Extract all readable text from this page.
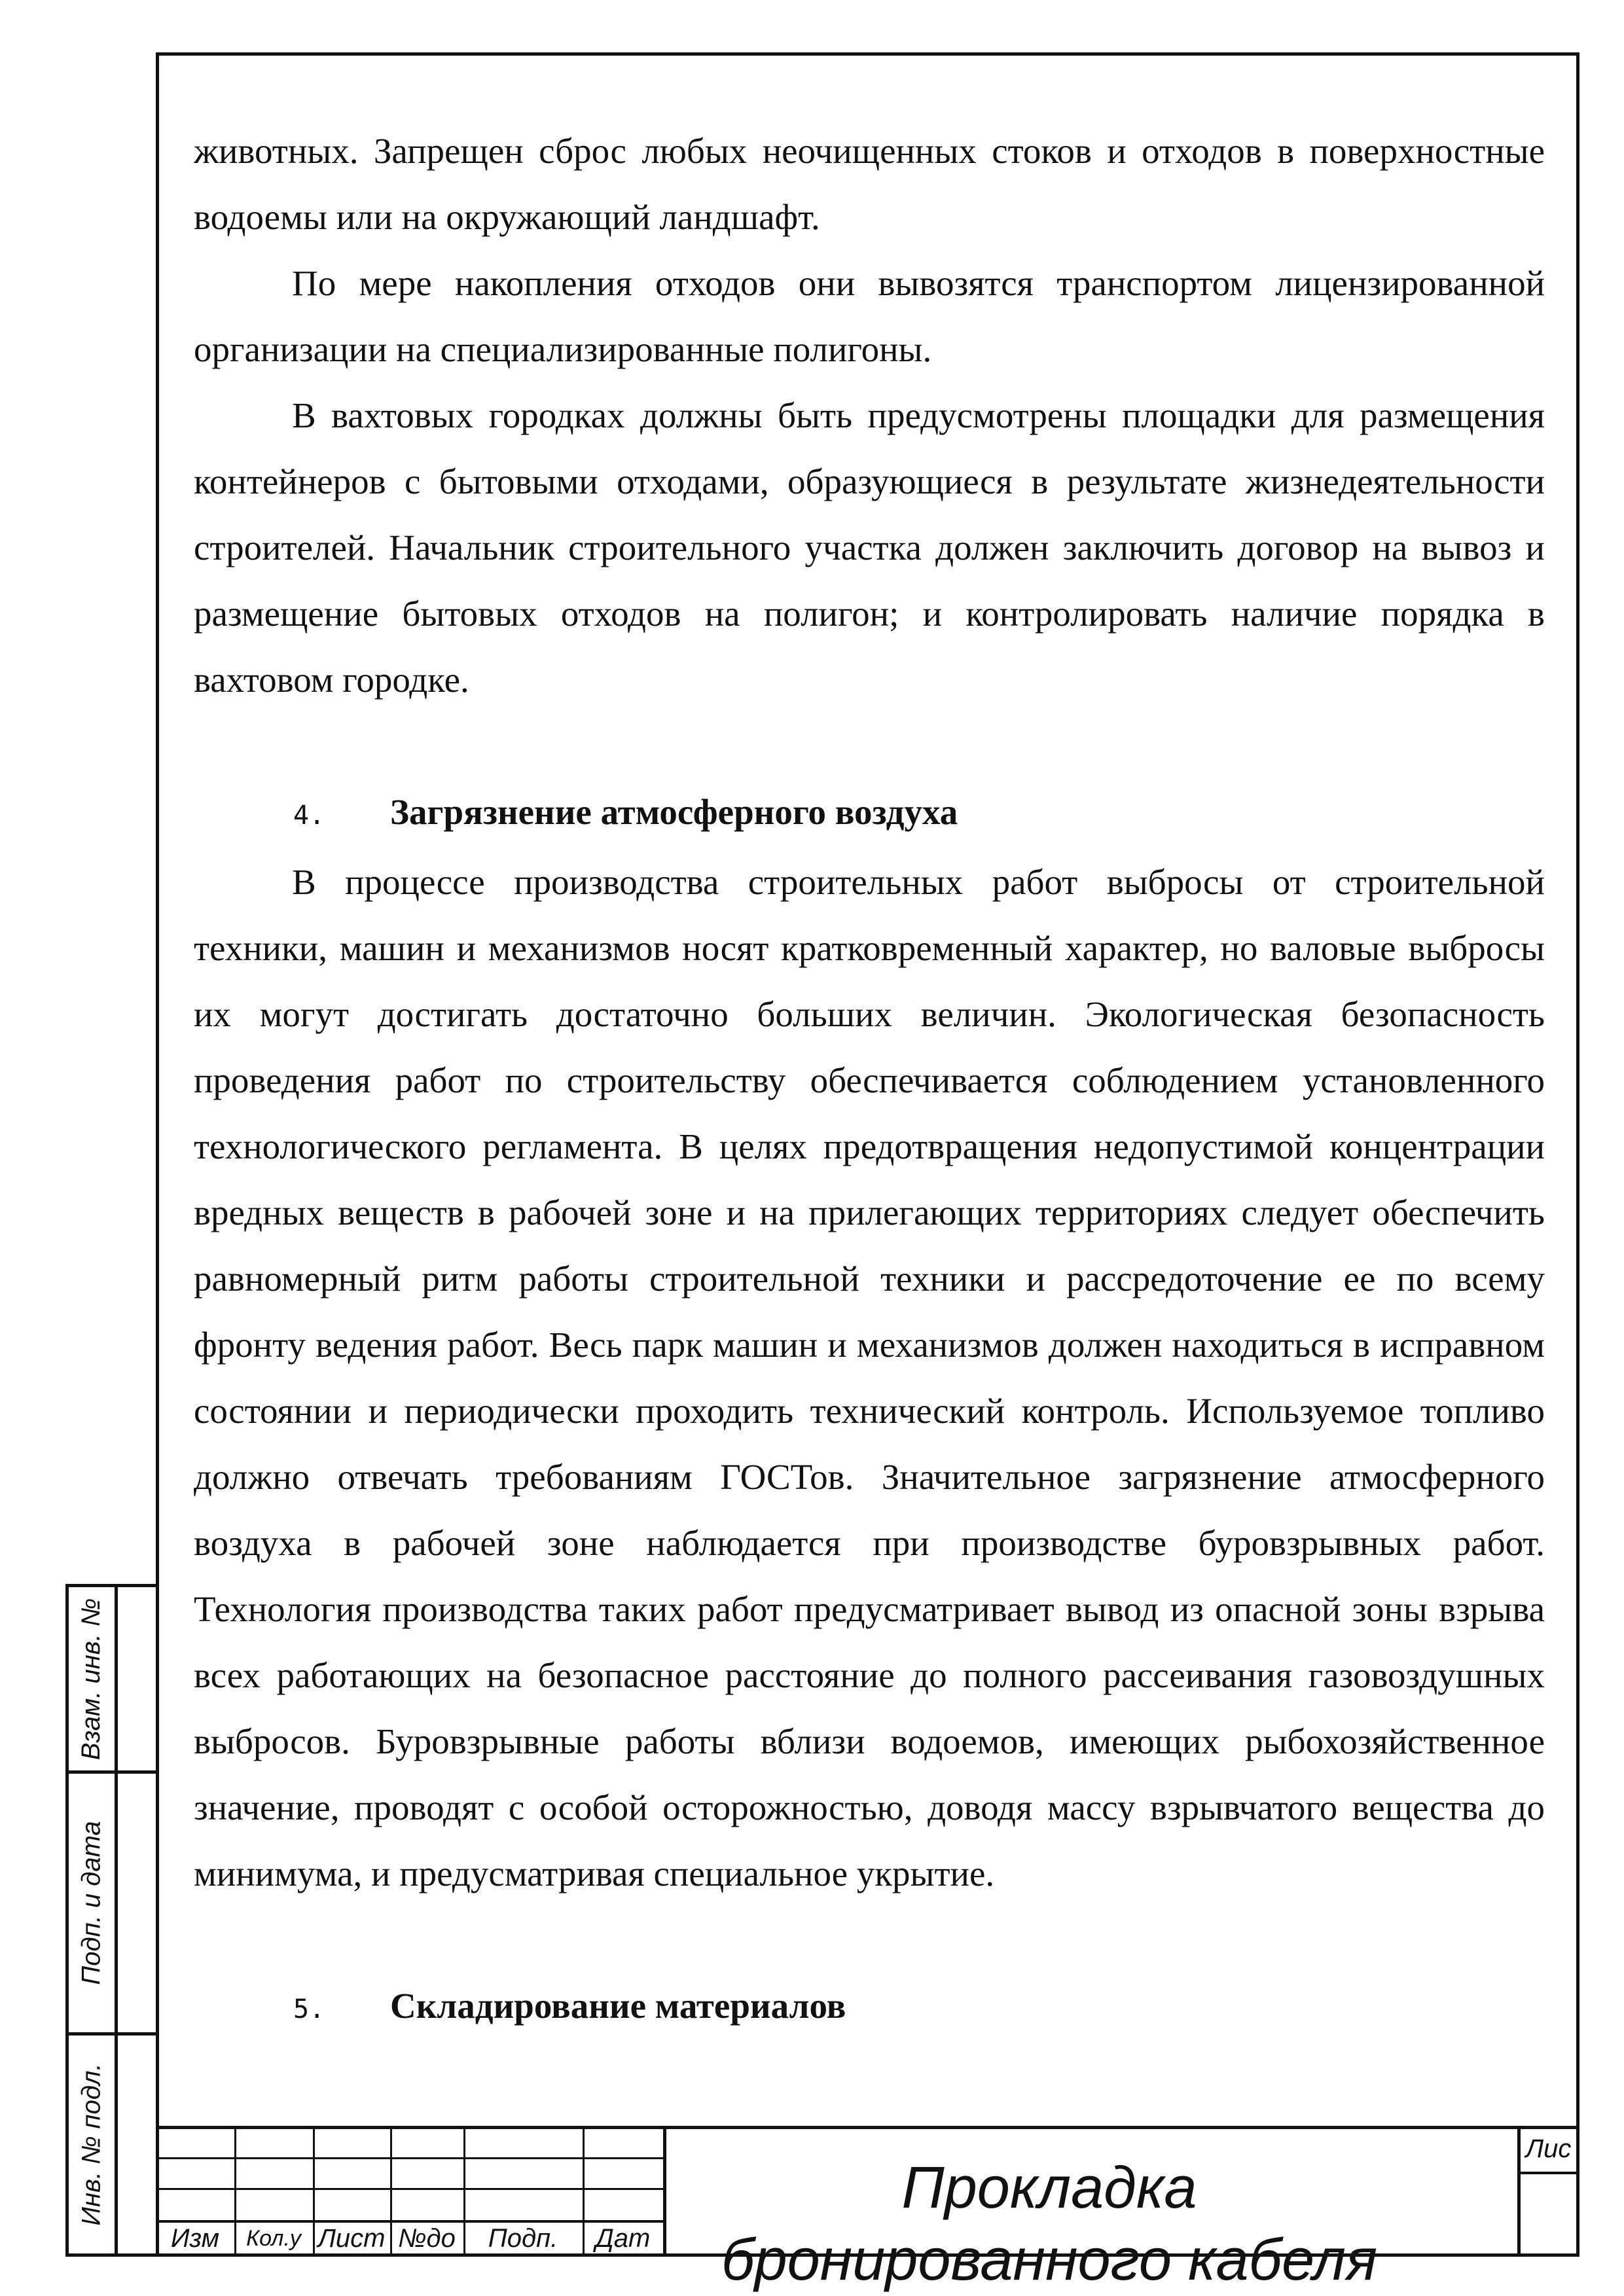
животных. Запрещен сброс любых неочищенных стоков и отходов в поверхностные водоемы или на окружающий ландшафт.

По мере накопления отходов они вывозятся транспортом лицензированной организации на специализированные полигоны.

В вахтовых городках должны быть предусмотрены площадки для размещения контейнеров с бытовыми отходами, образующиеся в результате жизнедеятельности строителей. Начальник строительного участка должен заключить договор на вывоз и размещение бытовых отходов на полигон; и контролировать наличие порядка в вахтовом городке.

4. Загрязнение атмосферного воздуха

В процессе производства строительных работ выбросы от строительной техники, машин и механизмов носят кратковременный характер, но валовые выбросы их могут достигать достаточно больших величин. Экологическая безопасность проведения работ по строительству обеспечивается соблюдением установленного технологического регламента. В целях предотвращения недопустимой концентрации вредных веществ в рабочей зоне и на прилегающих территориях следует обеспечить равномерный ритм работы строительной техники и рассредоточение ее по всему фронту ведения работ. Весь парк машин и механизмов должен находиться в исправном состоянии и периодически проходить технический контроль. Используемое топливо должно отвечать требованиям ГОСТов. Значительное загрязнение атмосферного воздуха в рабочей зоне наблюдается при производстве буровзрывных работ. Технология производства таких работ предусматривает вывод из опасной зоны взрыва всех работающих на безопасное расстояние до полного рассеивания газовоздушных выбросов. Буровзрывные работы вблизи водоемов, имеющих рыбохозяйственное значение, проводят с особой осторожностью, доводя массу взрывчатого вещества до минимума, и предусматривая специальное укрытие.

5. Складирование материалов

Взам. инв. №
Подп. и дата
Инв. № подл.
Изм	Кол.у Лист №до	Подп.	Дат
Прокладка бронированного кабеля
Лис
